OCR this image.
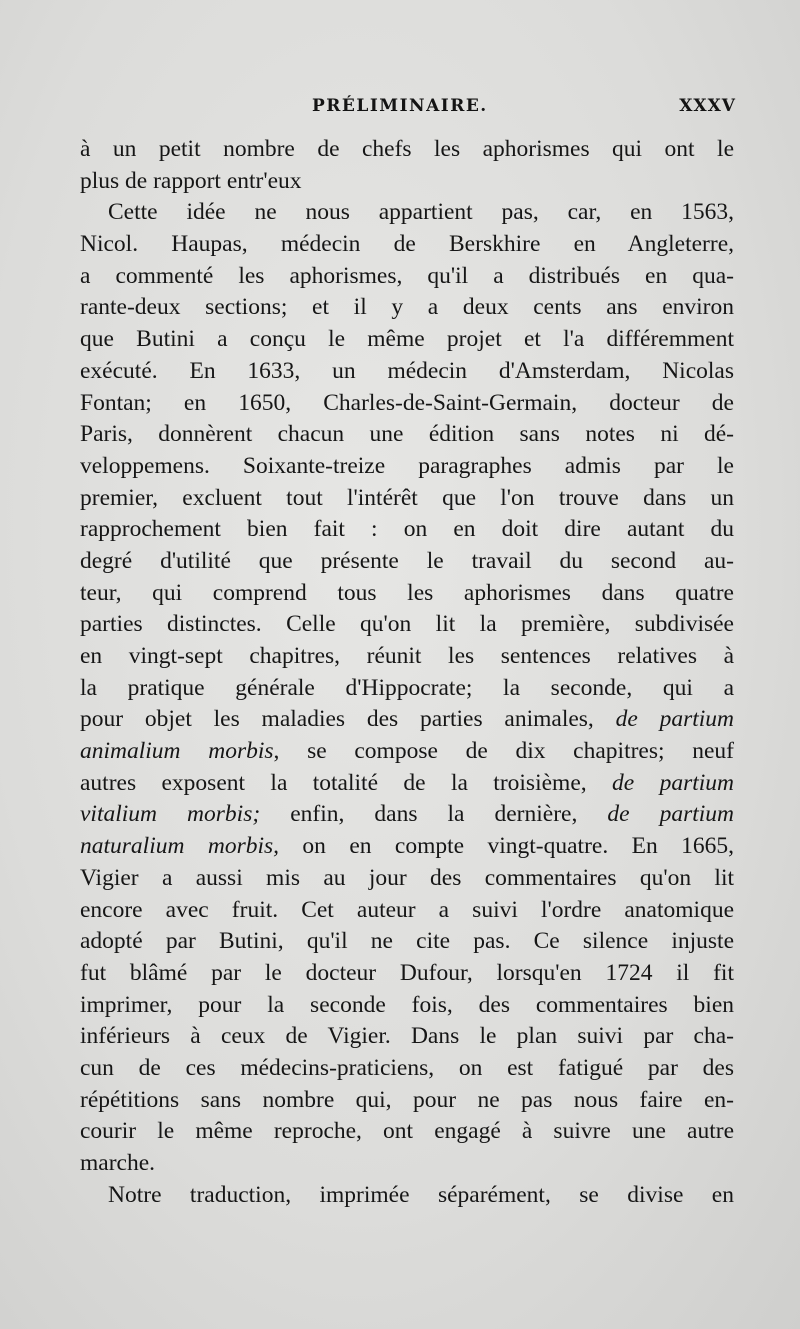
PRÉLIMINAIRE.	XXXV
à un petit nombre de chefs les aphorismes qui ont le
plus de rapport entr'eux
Cette idée ne nous appartient pas, car, en 1563,
Nicol. Haupas, médecin de Berskhire en Angleterre,
a commenté les aphorismes, qu'il a distribués en qua-
rante-deux sections; et il y a deux cents ans environ
que Butini a conçu le même projet et l'a différemment
exécuté. En 1633, un médecin d'Amsterdam, Nicolas
Fontan; en 1650, Charles-de-Saint-Germain, docteur de
Paris, donnèrent chacun une édition sans notes ni dé-
veloppemens. Soixante-treize paragraphes admis par le
premier, excluent tout l'intérêt que l'on trouve dans un
rapprochement bien fait : on en doit dire autant du
degré d'utilité que présente le travail du second au-
teur, qui comprend tous les aphorismes dans quatre
parties distinctes. Celle qu'on lit la première, subdivisée
en vingt-sept chapitres, réunit les sentences relatives à
la pratique générale d'Hippocrate; la seconde, qui a
pour objet les maladies des parties animales, de partium
animalium morbis, se compose de dix chapitres; neuf
autres exposent la totalité de la troisième, de partium
vitalium morbis; enfin, dans la dernière, de partium
naturalium morbis, on en compte vingt-quatre. En 1665,
Vigier a aussi mis au jour des commentaires qu'on lit
encore avec fruit. Cet auteur a suivi l'ordre anatomique
adopté par Butini, qu'il ne cite pas. Ce silence injuste
fut blâmé par le docteur Dufour, lorsqu'en 1724 il fit
imprimer, pour la seconde fois, des commentaires bien
inférieurs à ceux de Vigier. Dans le plan suivi par cha-
cun de ces médecins-praticiens, on est fatigué par des
répétitions sans nombre qui, pour ne pas nous faire en-
courir le même reproche, ont engagé à suivre une autre
marche.
Notre traduction, imprimée séparément, se divise en
